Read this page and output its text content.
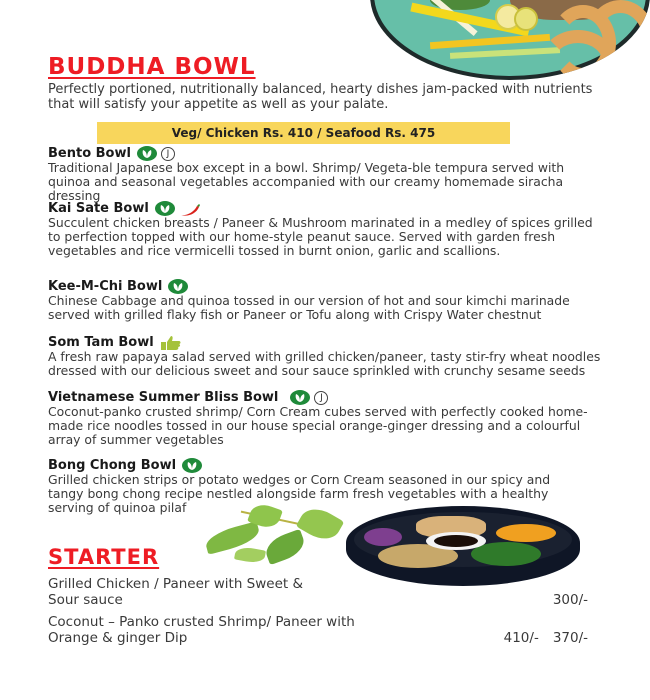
BUDDHA BOWL

Perfectly portioned, nutritionally balanced, hearty dishes jam-packed with nutrients that will satisfy your appetite as well as your palate.

Veg/ Chicken Rs. 410 / Seafood Rs. 475
Bento Bowl	J

Traditional Japanese box except in a bowl. Shrimp/ Vegeta-ble tempura served with quinoa and seasonal vegetables accompanied with our creamy homemade siracha dressing

Kai Sate Bowl

Succulent chicken breasts / Paneer & Mushroom marinated in a medley of spices grilled to perfection topped with our home-style peanut sauce. Served with garden fresh vegetables and rice vermicelli tossed in burnt onion, garlic and scallions.

Kee-M-Chi Bowl

Chinese Cabbage and quinoa tossed in our version of hot and sour kimchi marinade served with grilled flaky fish or Paneer or Tofu along with Crispy Water chestnut

Som Tam Bowl

A fresh raw papaya salad served with grilled chicken/paneer, tasty stir-fry wheat noodles dressed with our delicious sweet and sour sauce sprinkled with crunchy sesame seeds

Vietnamese Summer Bliss Bowl	J

Coconut-panko crusted shrimp/ Corn Cream cubes served with perfectly cooked home-made rice noodles tossed in our house special orange-ginger dressing and a colourful array of summer vegetables

Bong Chong Bowl

Grilled chicken strips or potato wedges or Corn Cream seasoned in our spicy and tangy bong chong recipe nestled alongside farm fresh vegetables with a healthy serving of quinoa pilaf

STARTER
Grilled Chicken / Paneer with Sweet &
Sour sauce	300/-
Coconut – Panko crusted Shrimp/ Paneer with
Orange & ginger Dip	410/- 370/-
